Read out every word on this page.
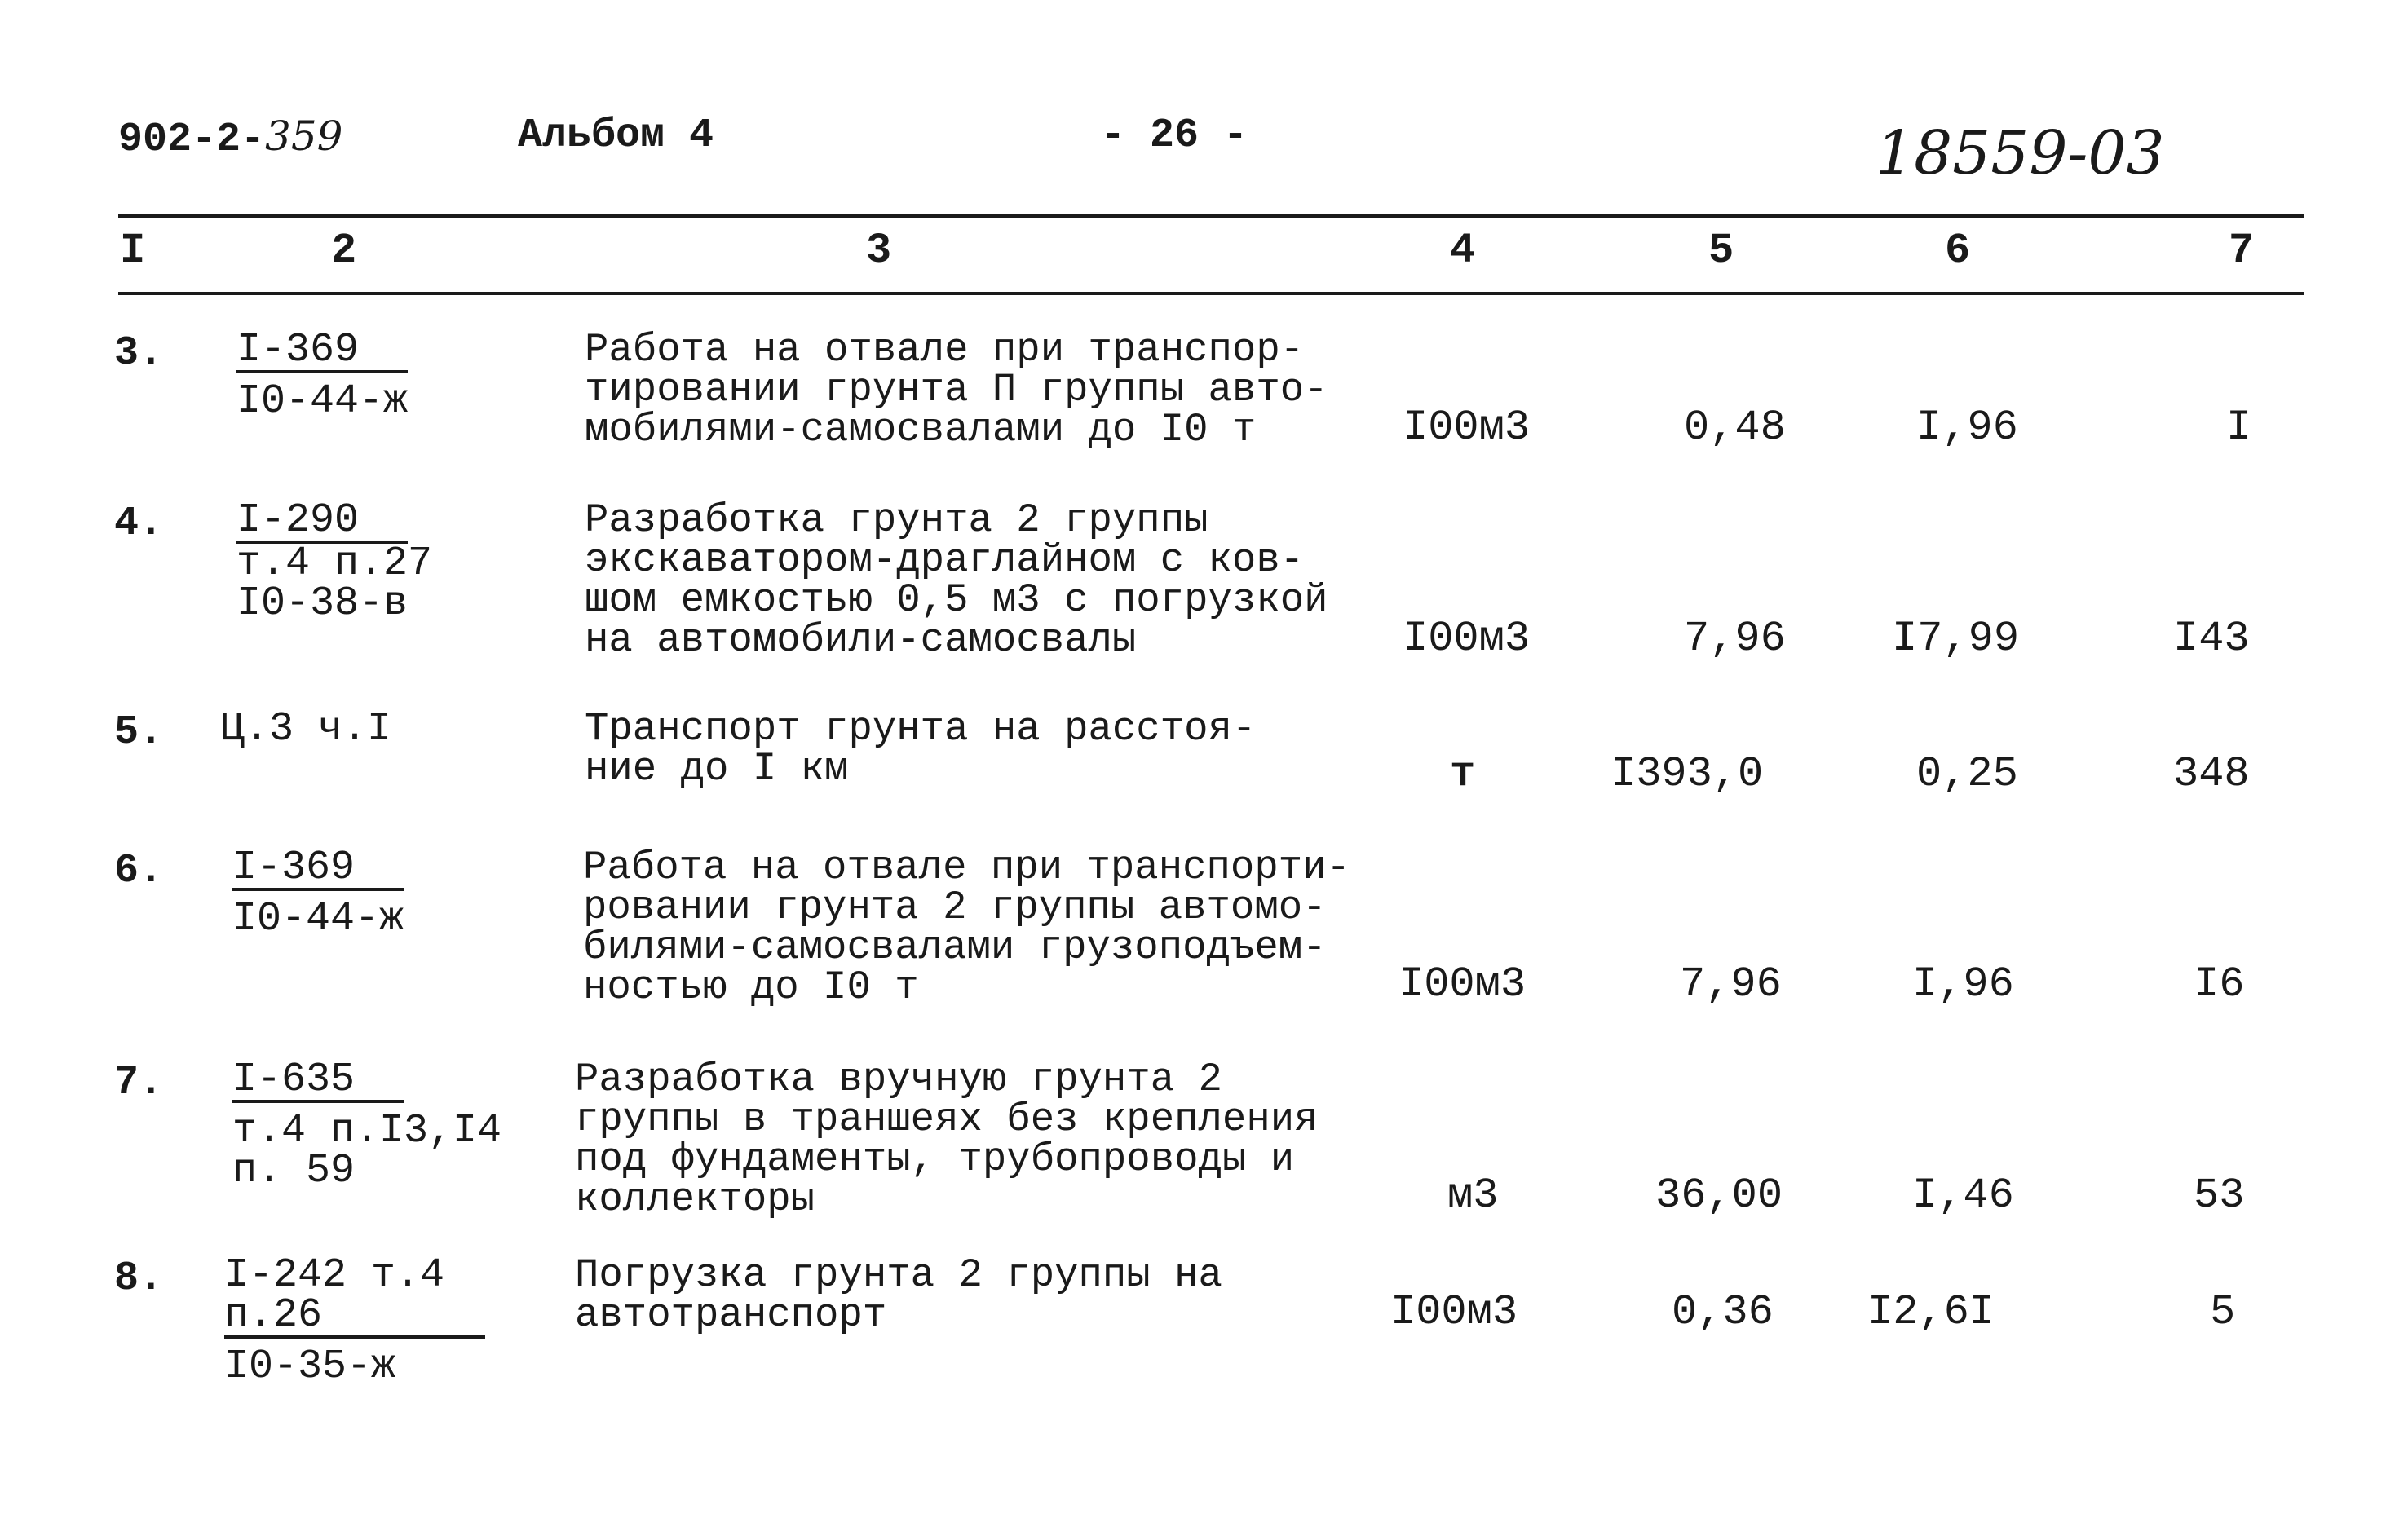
902-2-359	Альбом 4	- 26 -	18559-03
I	2	3	4	5	6	7
3. I-369
I0-44-ж
Работа на отвале при транспор-
тировании грунта П группы авто-
мобилями-самосвалами до I0 т	I00м3	0,48	I,96	I
4. I-290
т.4 п.27
I0-38-в
Разработка грунта 2 группы
экскаватором-драглайном с ков-
шом емкостью 0,5 м3 с погрузкой
на автомобили-самосвалы	I00м3	7,96	I7,99	I43
5. Ц.3 ч.I	Транспорт грунта на расстоя-
ние до I км	т	I393,0	0,25	348
6. I-369
I0-44-ж
Работа на отвале при транспорти-
ровании грунта 2 группы автомо-
билями-самосвалами грузоподъем-
ностью до I0 т	I00м3	7,96	I,96	I6
7. I-635
т.4 п.I3,I4
п. 59
Разработка вручную грунта 2
группы в траншеях без крепления
под фундаменты, трубопроводы и
коллекторы	м3	36,00	I,46	53
8. I-242 т.4
п.26
I0-35-ж
Погрузка грунта 2 группы на
автотранспорт	I00м3	0,36 I2,6I	5
